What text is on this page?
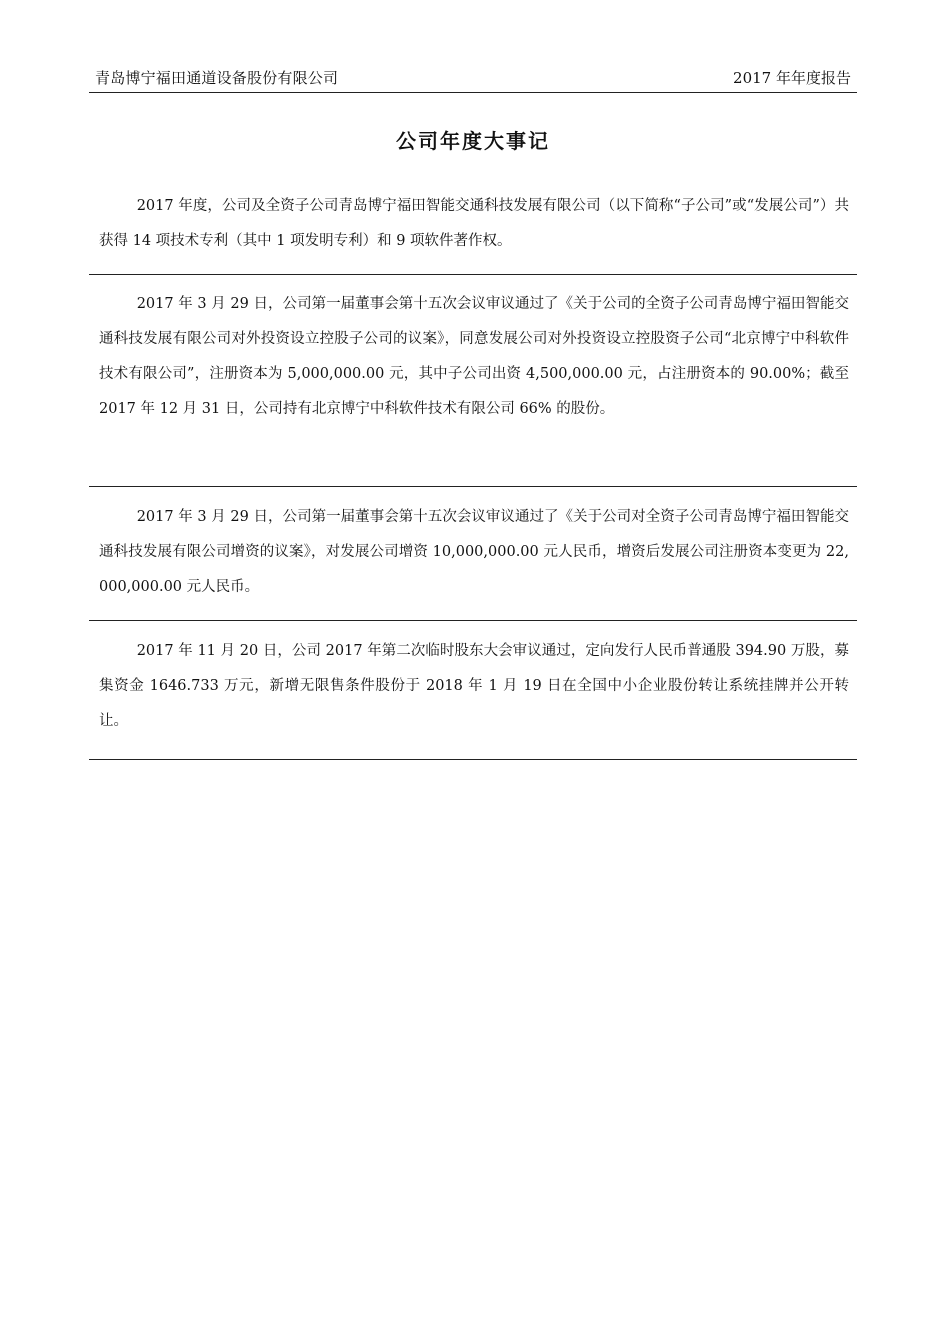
青岛博宁福田通道设备股份有限公司	2017 年年度报告
公司年度大事记

2017 年度，公司及全资子公司青岛博宁福田智能交通科技发展有限公司（以下简称“子公司”或“发展公司”）共获得 14 项技术专利（其中 1 项发明专利）和 9 项软件著作权。

2017 年 3 月 29 日，公司第一届董事会第十五次会议审议通过了《关于公司的全资子公司青岛博宁福田智能交通科技发展有限公司对外投资设立控股子公司的议案》，同意发展公司对外投资设立控股资子公司“北京博宁中科软件技术有限公司”，注册资本为 5,000,000.00 元，其中子公司出资 4,500,000.00 元，占注册资本的 90.00%；截至 2017 年 12 月 31 日，公司持有北京博宁中科软件技术有限公司 66% 的股份。

2017 年 3 月 29 日，公司第一届董事会第十五次会议审议通过了《关于公司对全资子公司青岛博宁福田智能交通科技发展有限公司增资的议案》，对发展公司增资 10,000,000.00 元人民币，增资后发展公司注册资本变更为 22,000,000.00 元人民币。

2017 年 11 月 20 日，公司 2017 年第二次临时股东大会审议通过，定向发行人民币普通股 394.90 万股，募集资金 1646.733 万元，新增无限售条件股份于 2018 年 1 月 19 日在全国中小企业股份转让系统挂牌并公开转让。
